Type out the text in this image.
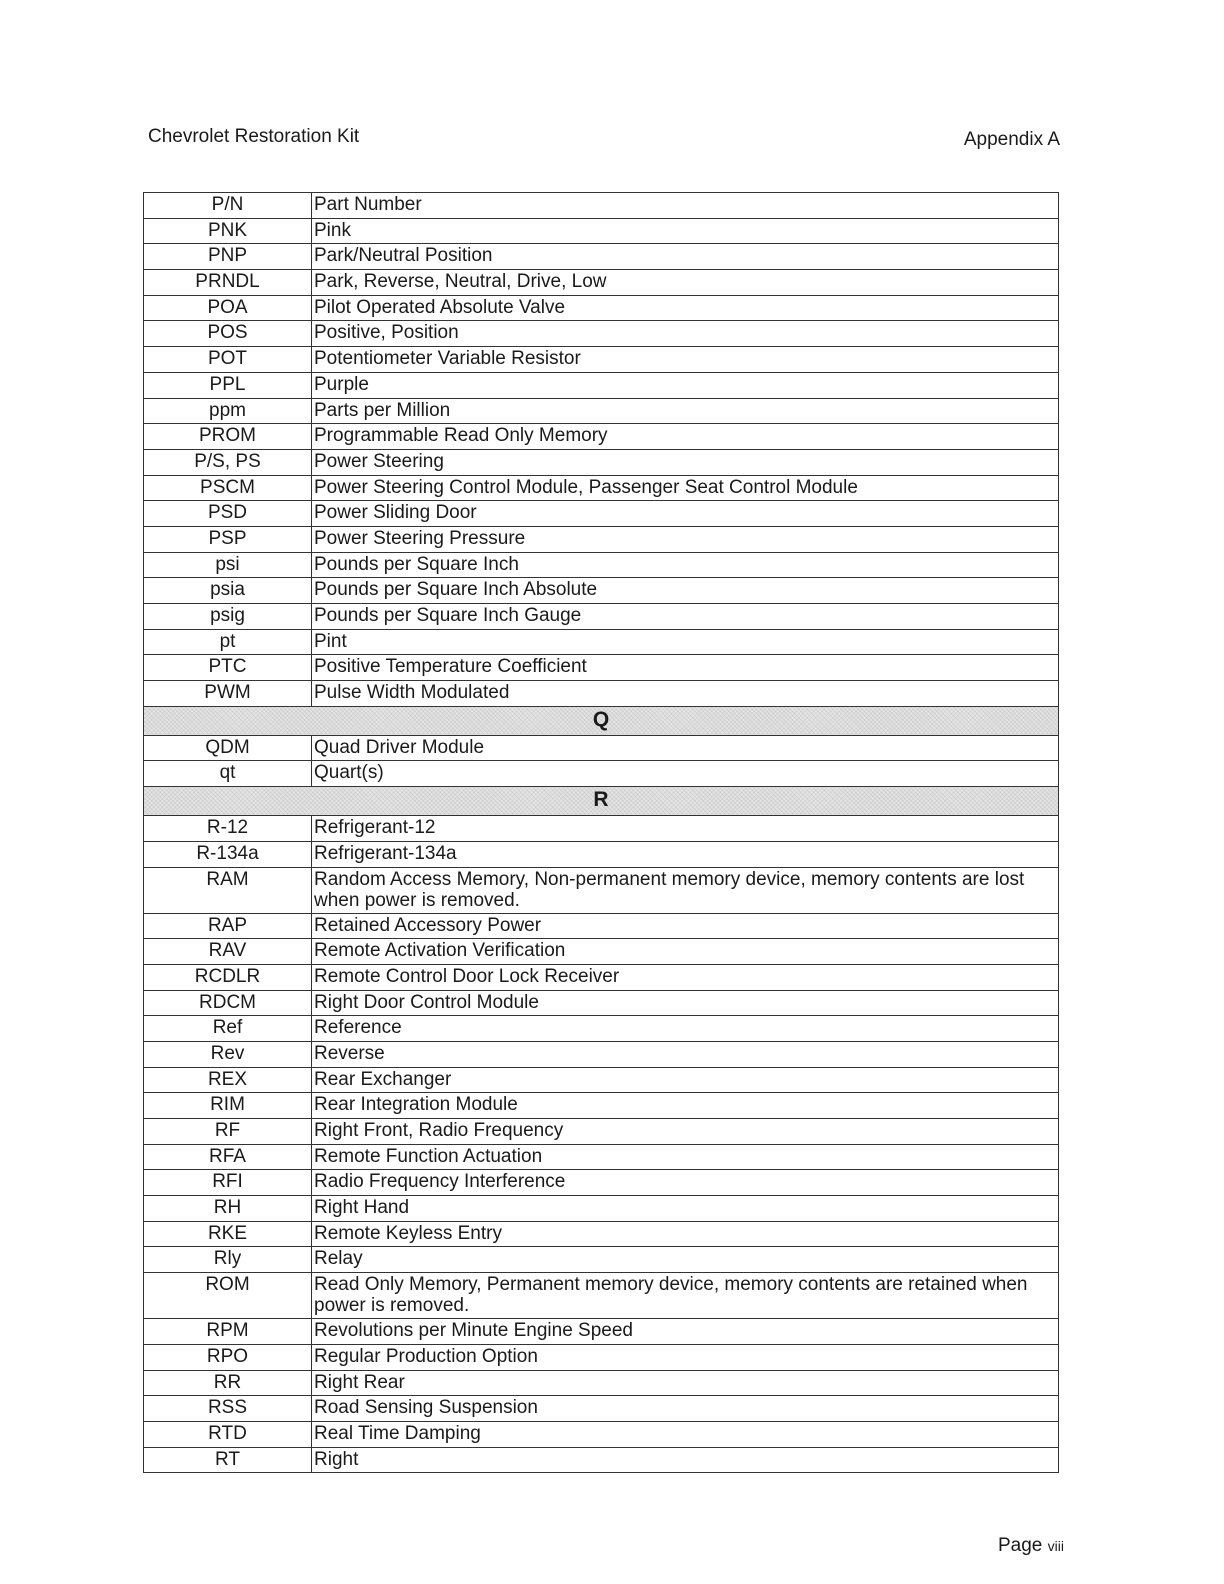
Chevrolet Restoration Kit	Appendix A
P/N	Part Number
PNK	Pink
PNP	Park/Neutral Position
PRNDL	Park, Reverse, Neutral, Drive, Low
POA	Pilot Operated Absolute Valve
POS	Positive, Position
POT	Potentiometer Variable Resistor
PPL	Purple
ppm	Parts per Million
PROM	Programmable Read Only Memory
P/S, PS	Power Steering
PSCM	Power Steering Control Module, Passenger Seat Control Module
PSD	Power Sliding Door
PSP	Power Steering Pressure
psi	Pounds per Square Inch
psia	Pounds per Square Inch Absolute
psig	Pounds per Square Inch Gauge
pt	Pint
PTC	Positive Temperature Coefficient
PWM	Pulse Width Modulated
Q	
QDM	Quad Driver Module
qt	Quart(s)
R	
R-12	Refrigerant-12
R-134a	Refrigerant-134a
RAM	Random Access Memory, Non-permanent memory device, memory contents are lost when power is removed.
RAP	Retained Accessory Power
RAV	Remote Activation Verification
RCDLR	Remote Control Door Lock Receiver
RDCM	Right Door Control Module
Ref	Reference
Rev	Reverse
REX	Rear Exchanger
RIM	Rear Integration Module
RF	Right Front, Radio Frequency
RFA	Remote Function Actuation
RFI	Radio Frequency Interference
RH	Right Hand
RKE	Remote Keyless Entry
Rly	Relay
ROM	Read Only Memory, Permanent memory device, memory contents are retained when power is removed.
RPM	Revolutions per Minute Engine Speed
RPO	Regular Production Option
RR	Right Rear
RSS	Road Sensing Suspension
RTD	Real Time Damping
RT	Right
Page viii
